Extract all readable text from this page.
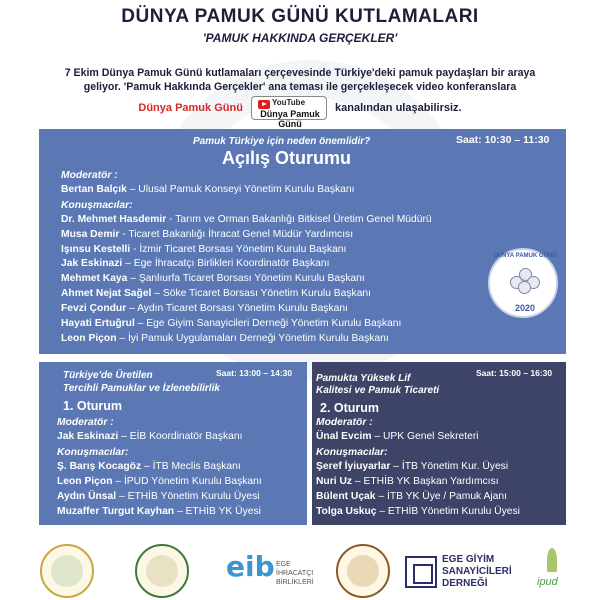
DÜNYA PAMUK GÜNÜ KUTLAMALARI
'PAMUK HAKKINDA GERÇEKLER'
7 Ekim Dünya Pamuk Günü kutlamaları çerçevesinde Türkiye'deki pamuk paydaşları bir araya
geliyor. 'Pamuk Hakkında Gerçekler' ana teması ile gerçekleşecek video konferanslara
Dünya Pamuk Günü	YouTube
Dünya Pamuk Günü
kanalından ulaşabilirsiz.
Pamuk Türkiye için neden önemlidir?	Saat: 10:30 – 11:30
Açılış Oturumu
Moderatör :
Bertan Balçık – Ulusal Pamuk Konseyi Yönetim Kurulu Başkanı
Konuşmacılar:
Dr. Mehmet Hasdemir - Tarım ve Orman Bakanlığı Bitkisel Üretim Genel Müdürü
Musa Demir - Ticaret Bakanlığı İhracat Genel Müdür Yardımcısı
Işınsu Kestelli - İzmir Ticaret Borsası Yönetim Kurulu Başkanı
Jak Eskinazi – Ege İhracatçı Birlikleri Koordinatör Başkanı
Mehmet Kaya – Şanlıurfa Ticaret Borsası Yönetim Kurulu Başkanı
Ahmet Nejat Sağel – Söke Ticaret Borsası Yönetim Kurulu Başkanı
Fevzi Çondur – Aydın Ticaret Borsası Yönetim Kurulu Başkanı
Hayati Ertuğrul – Ege Giyim Sanayicileri Derneği Yönetim Kurulu Başkanı
Leon Piçon – İyi Pamuk Uygulamaları Derneği Yönetim Kurulu Başkanı
DÜNYA PAMUK GÜNÜ
2020
Türkiye'de Üretilen
Tercihli Pamuklar ve İzlenebilirlik
Saat: 13:00 – 14:30
1. Oturum
Moderatör :
Jak Eskinazi – EİB Koordinatör Başkanı
Konuşmacılar:
Ş. Barış Kocagöz – İTB Meclis Başkanı
Leon Piçon – İPUD Yönetim Kurulu Başkanı
Aydın Ünsal – ETHİB Yönetim Kurulu Üyesi
Muzaffer Turgut Kayhan – ETHİB YK Üyesi
Pamukta Yüksek Lif
Kalitesi ve Pamuk Ticareti
Saat: 15:00 – 16:30
2. Oturum
Moderatör :
Ünal Evcim – UPK Genel Sekreteri
Konuşmacılar:
Şeref İyiuyarlar – İTB Yönetim Kur. Üyesi
Nuri Uz – ETHİB YK Başkan Yardımcısı
Bülent Uçak – İTB YK Üye / Pamuk Ajanı
Tolga Uskuç – ETHİB Yönetim Kurulu Üyesi
eib EGE
İHRACATÇI
BİRLİKLERİ
EGE GİYİM
SANAYİCİLERİ
DERNEĞİ	ipud
